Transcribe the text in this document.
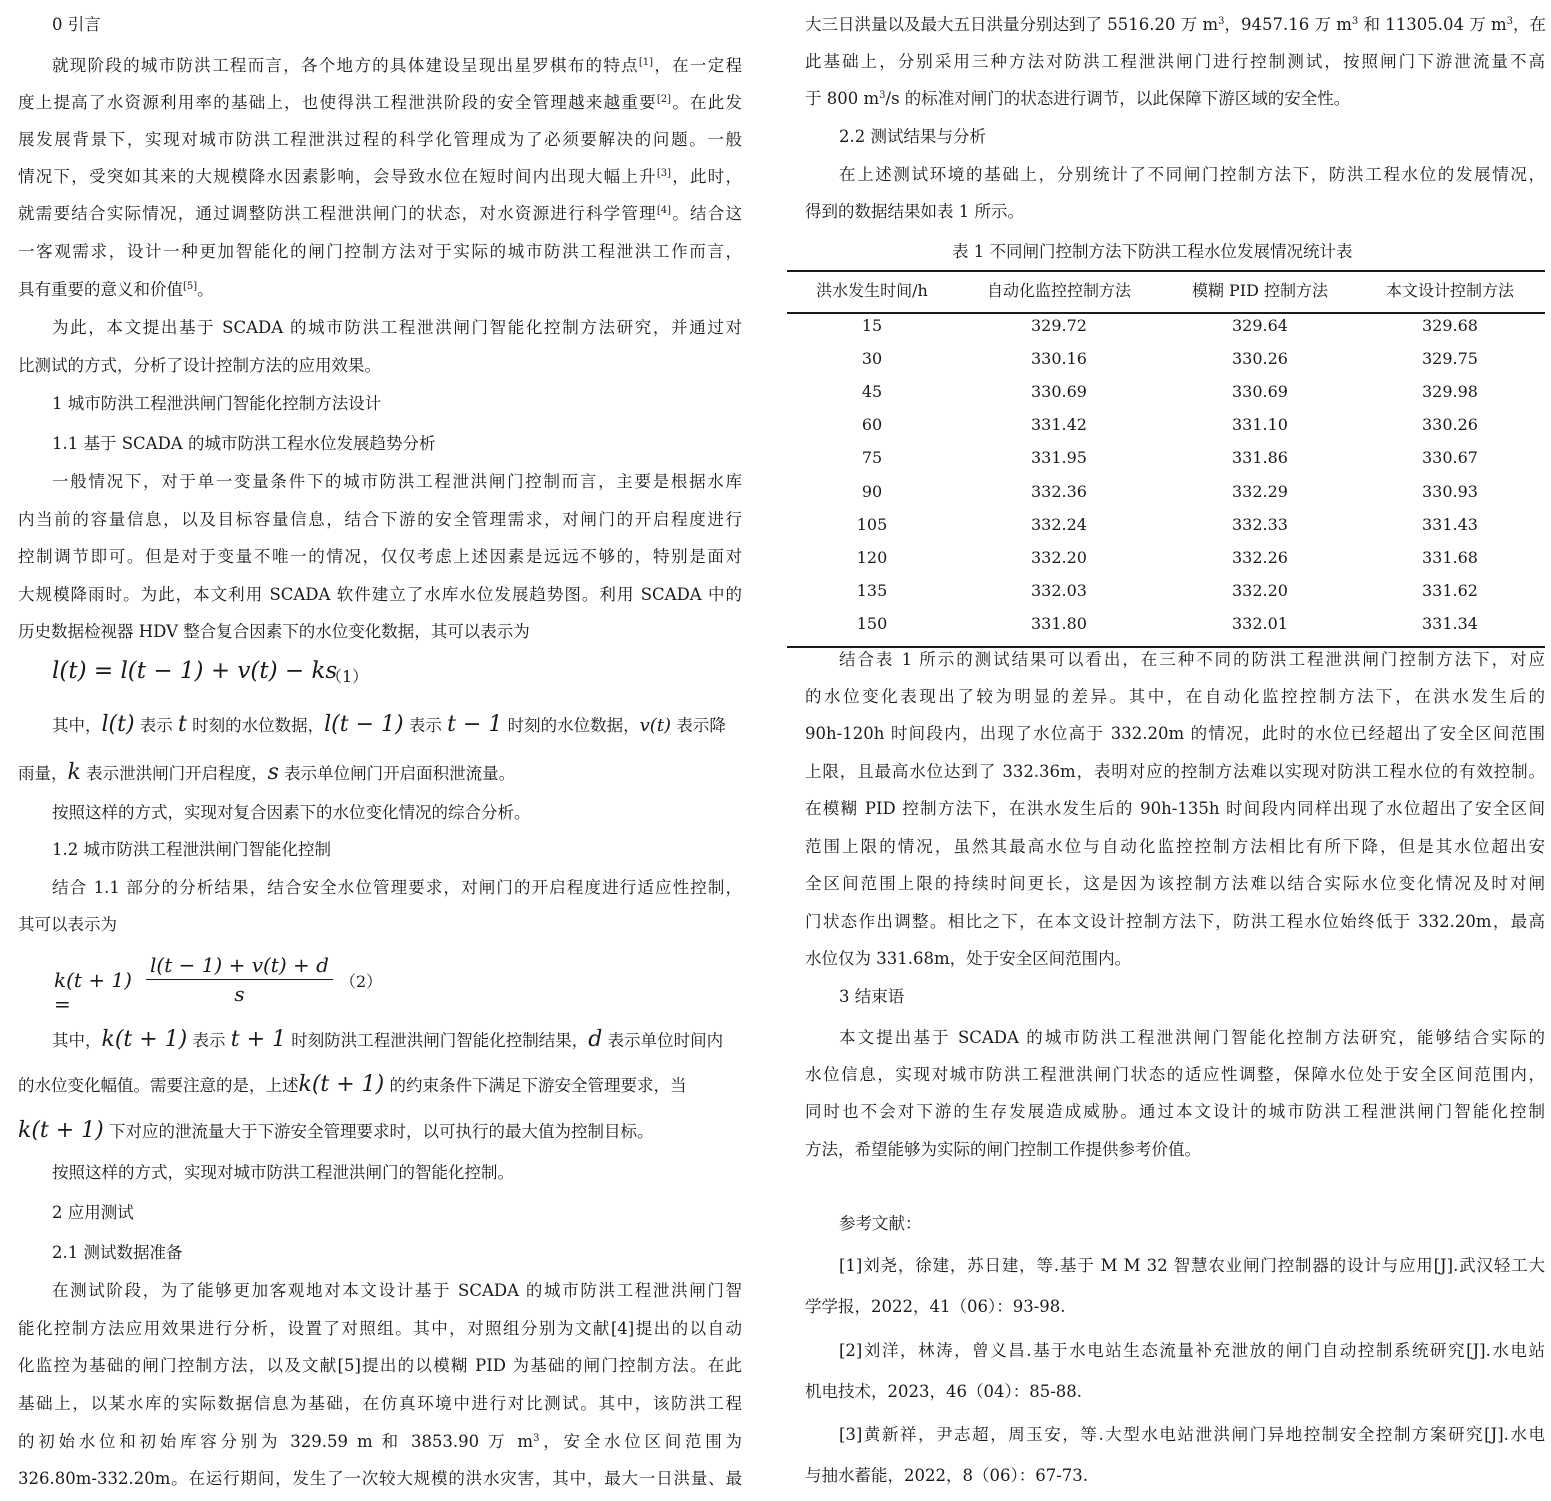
0 引言
就现阶段的城市防洪工程而言，各个地方的具体建设呈现出星罗棋布的特点[1]，在一定程
度上提高了水资源利用率的基础上，也使得洪工程泄洪阶段的安全管理越来越重要[2]。在此发
展发展背景下，实现对城市防洪工程泄洪过程的科学化管理成为了必须要解决的问题。一般
情况下，受突如其来的大规模降水因素影响，会导致水位在短时间内出现大幅上升[3]，此时，
就需要结合实际情况，通过调整防洪工程泄洪闸门的状态，对水资源进行科学管理[4]。结合这
一客观需求，设计一种更加智能化的闸门控制方法对于实际的城市防洪工程泄洪工作而言，
具有重要的意义和价值[5]。
为此，本文提出基于 SCADA 的城市防洪工程泄洪闸门智能化控制方法研究，并通过对
比测试的方式，分析了设计控制方法的应用效果。
1 城市防洪工程泄洪闸门智能化控制方法设计
1.1 基于 SCADA 的城市防洪工程水位发展趋势分析
一般情况下，对于单一变量条件下的城市防洪工程泄洪闸门控制而言，主要是根据水库
内当前的容量信息，以及目标容量信息，结合下游的安全管理需求，对闸门的开启程度进行
控制调节即可。但是对于变量不唯一的情况，仅仅考虑上述因素是远远不够的，特别是面对
大规模降雨时。为此，本文利用 SCADA 软件建立了水库水位发展趋势图。利用 SCADA 中的
历史数据检视器 HDV 整合复合因素下的水位变化数据，其可以表示为
l(t) = l(t − 1) + v(t) − ks
（1）
其中，l(t) 表示 t 时刻的水位数据，l(t − 1) 表示 t − 1 时刻的水位数据，v(t) 表示降
雨量，k 表示泄洪闸门开启程度，s 表示单位闸门开启面积泄流量。
按照这样的方式，实现对复合因素下的水位变化情况的综合分析。
1.2 城市防洪工程泄洪闸门智能化控制
结合 1.1 部分的分析结果，结合安全水位管理要求，对闸门的开启程度进行适应性控制，
其可以表示为
k(t + 1) =	$\frac{l(t - 1) + v(t) + d}{s} (2)$
其中，k(t + 1) 表示 t + 1 时刻防洪工程泄洪闸门智能化控制结果，d 表示单位时间内
的水位变化幅值。需要注意的是，上述k(t + 1) 的约束条件下满足下游安全管理要求，当
k(t + 1) 下对应的泄流量大于下游安全管理要求时，以可执行的最大值为控制目标。
按照这样的方式，实现对城市防洪工程泄洪闸门的智能化控制。
2 应用测试
2.1 测试数据准备
在测试阶段，为了能够更加客观地对本文设计基于 SCADA 的城市防洪工程泄洪闸门智
能化控制方法应用效果进行分析，设置了对照组。其中，对照组分别为文献[4]提出的以自动
化监控为基础的闸门控制方法，以及文献[5]提出的以模糊 PID 为基础的闸门控制方法。在此
基础上，以某水库的实际数据信息为基础，在仿真环境中进行对比测试。其中，该防洪工程
的初始水位和初始库容分别为 329.59 m 和 3853.90 万 $m^3$，安全水位区间范围为
326.80m-332.20m。在运行期间，发生了一次较大规模的洪水灾害，其中，最大一日洪量、最
大三日洪量以及最大五日洪量分别达到了 5516.20 万 $m^3$，9457.16 万 $m^3$ 和 11305.04 万 $m^3$，在
此基础上，分别采用三种方法对防洪工程泄洪闸门进行控制测试，按照闸门下游泄流量不高
于 800 $m^3/s$ 的标准对闸门的状态进行调节，以此保障下游区域的安全性。
2.2 测试结果与分析
在上述测试环境的基础上，分别统计了不同闸门控制方法下，防洪工程水位的发展情况，
得到的数据结果如表 1 所示。
表 1 不同闸门控制方法下防洪工程水位发展情况统计表
洪水发生时间/h	自动化监控控制方法	模糊 PID 控制方法	本文设计控制方法
15	329.72	329.64	329.68
30	330.16	330.26	329.75
45	330.69	330.69	329.98
60	331.42	331.10	330.26
75	331.95	331.86	330.67
90	332.36	332.29	330.93
105	332.24	332.33	331.43
120	332.20	332.26	331.68
135	332.03	332.20	331.62
150	331.80	332.01	331.34
结合表 1 所示的测试结果可以看出，在三种不同的防洪工程泄洪闸门控制方法下，对应
的水位变化表现出了较为明显的差异。其中，在自动化监控控制方法下，在洪水发生后的
90h-120h 时间段内，出现了水位高于 332.20m 的情况，此时的水位已经超出了安全区间范围
上限，且最高水位达到了 332.36m，表明对应的控制方法难以实现对防洪工程水位的有效控制。
在模糊 PID 控制方法下，在洪水发生后的 90h-135h 时间段内同样出现了水位超出了安全区间
范围上限的情况，虽然其最高水位与自动化监控控制方法相比有所下降，但是其水位超出安
全区间范围上限的持续时间更长，这是因为该控制方法难以结合实际水位变化情况及时对闸
门状态作出调整。相比之下，在本文设计控制方法下，防洪工程水位始终低于 332.20m，最高
水位仅为 331.68m，处于安全区间范围内。
3 结束语
本文提出基于 SCADA 的城市防洪工程泄洪闸门智能化控制方法研究，能够结合实际的
水位信息，实现对城市防洪工程泄洪闸门状态的适应性调整，保障水位处于安全区间范围内，
同时也不会对下游的生存发展造成威胁。通过本文设计的城市防洪工程泄洪闸门智能化控制
方法，希望能够为实际的闸门控制工作提供参考价值。
参考文献：
[1]刘尧，徐建，苏日建，等.基于 M M 32 智慧农业闸门控制器的设计与应用[J].武汉轻工大
学学报，2022，41（06）：93-98.
[2]刘洋，林涛，曾义昌.基于水电站生态流量补充泄放的闸门自动控制系统研究[J].水电站
机电技术，2023，46（04）：85-88.
[3]黄新祥，尹志超，周玉安，等.大型水电站泄洪闸门异地控制安全控制方案研究[J].水电
与抽水蓄能，2022，8（06）：67-73.
